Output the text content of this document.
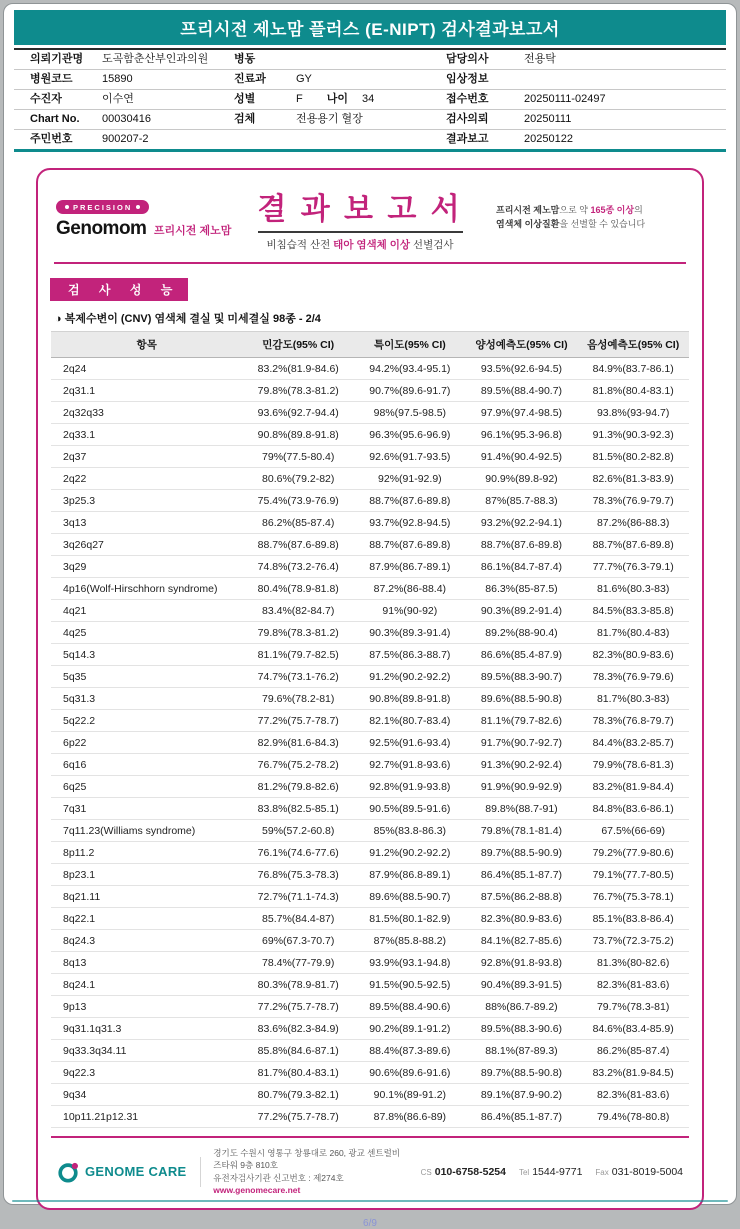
프리시전 제노맘 플러스 (E-NIPT) 검사결과보고서
의뢰기관명	도곡함춘산부인과의원	병동	담당의사	전용탁
병원코드	15890	진료과	GY	임상정보
수진자	이수연	성별	F 나이 34	접수번호	20250111-02497
Chart No.	00030416	검체	전용용기 혈장	검사의뢰	20250111
주민번호	900207-2	결과보고	20250122
PRECISION
Genomom 프리시전 제노맘
결 과 보 고 서
비침습적 산전 태아 염색체 이상 선별검사
프리시전 제노맘으로 약 165종 이상의
염색체 이상질환을 선별할 수 있습니다
검 사 성 능
◑ 복제수변이 (CNV) 염색체 결실 및 미세결실 98종 - 2/4
항목	민감도(95% CI)	특이도(95% CI)	양성예측도(95% CI)	음성예측도(95% CI)
2q24	83.2%(81.9-84.6)	94.2%(93.4-95.1)	93.5%(92.6-94.5)	84.9%(83.7-86.1)
2q31.1	79.8%(78.3-81.2)	90.7%(89.6-91.7)	89.5%(88.4-90.7)	81.8%(80.4-83.1)
2q32q33	93.6%(92.7-94.4)	98%(97.5-98.5)	97.9%(97.4-98.5)	93.8%(93-94.7)
2q33.1	90.8%(89.8-91.8)	96.3%(95.6-96.9)	96.1%(95.3-96.8)	91.3%(90.3-92.3)
2q37	79%(77.5-80.4)	92.6%(91.7-93.5)	91.4%(90.4-92.5)	81.5%(80.2-82.8)
2q22	80.6%(79.2-82)	92%(91-92.9)	90.9%(89.8-92)	82.6%(81.3-83.9)
3p25.3	75.4%(73.9-76.9)	88.7%(87.6-89.8)	87%(85.7-88.3)	78.3%(76.9-79.7)
3q13	86.2%(85-87.4)	93.7%(92.8-94.5)	93.2%(92.2-94.1)	87.2%(86-88.3)
3q26q27	88.7%(87.6-89.8)	88.7%(87.6-89.8)	88.7%(87.6-89.8)	88.7%(87.6-89.8)
3q29	74.8%(73.2-76.4)	87.9%(86.7-89.1)	86.1%(84.7-87.4)	77.7%(76.3-79.1)
4p16(Wolf-Hirschhorn syndrome)	80.4%(78.9-81.8)	87.2%(86-88.4)	86.3%(85-87.5)	81.6%(80.3-83)
4q21	83.4%(82-84.7)	91%(90-92)	90.3%(89.2-91.4)	84.5%(83.3-85.8)
4q25	79.8%(78.3-81.2)	90.3%(89.3-91.4)	89.2%(88-90.4)	81.7%(80.4-83)
5q14.3	81.1%(79.7-82.5)	87.5%(86.3-88.7)	86.6%(85.4-87.9)	82.3%(80.9-83.6)
5q35	74.7%(73.1-76.2)	91.2%(90.2-92.2)	89.5%(88.3-90.7)	78.3%(76.9-79.6)
5q31.3	79.6%(78.2-81)	90.8%(89.8-91.8)	89.6%(88.5-90.8)	81.7%(80.3-83)
5q22.2	77.2%(75.7-78.7)	82.1%(80.7-83.4)	81.1%(79.7-82.6)	78.3%(76.8-79.7)
6p22	82.9%(81.6-84.3)	92.5%(91.6-93.4)	91.7%(90.7-92.7)	84.4%(83.2-85.7)
6q16	76.7%(75.2-78.2)	92.7%(91.8-93.6)	91.3%(90.2-92.4)	79.9%(78.6-81.3)
6q25	81.2%(79.8-82.6)	92.8%(91.9-93.8)	91.9%(90.9-92.9)	83.2%(81.9-84.4)
7q31	83.8%(82.5-85.1)	90.5%(89.5-91.6)	89.8%(88.7-91)	84.8%(83.6-86.1)
7q11.23(Williams syndrome)	59%(57.2-60.8)	85%(83.8-86.3)	79.8%(78.1-81.4)	67.5%(66-69)
8p11.2	76.1%(74.6-77.6)	91.2%(90.2-92.2)	89.7%(88.5-90.9)	79.2%(77.9-80.6)
8p23.1	76.8%(75.3-78.3)	87.9%(86.8-89.1)	86.4%(85.1-87.7)	79.1%(77.7-80.5)
8q21.11	72.7%(71.1-74.3)	89.6%(88.5-90.7)	87.5%(86.2-88.8)	76.7%(75.3-78.1)
8q22.1	85.7%(84.4-87)	81.5%(80.1-82.9)	82.3%(80.9-83.6)	85.1%(83.8-86.4)
8q24.3	69%(67.3-70.7)	87%(85.8-88.2)	84.1%(82.7-85.6)	73.7%(72.3-75.2)
8q13	78.4%(77-79.9)	93.9%(93.1-94.8)	92.8%(91.8-93.8)	81.3%(80-82.6)
8q24.1	80.3%(78.9-81.7)	91.5%(90.5-92.5)	90.4%(89.3-91.5)	82.3%(81-83.6)
9p13	77.2%(75.7-78.7)	89.5%(88.4-90.6)	88%(86.7-89.2)	79.7%(78.3-81)
9q31.1q31.3	83.6%(82.3-84.9)	90.2%(89.1-91.2)	89.5%(88.3-90.6)	84.6%(83.4-85.9)
9q33.3q34.11	85.8%(84.6-87.1)	88.4%(87.3-89.6)	88.1%(87-89.3)	86.2%(85-87.4)
9q22.3	81.7%(80.4-83.1)	90.6%(89.6-91.6)	89.7%(88.5-90.8)	83.2%(81.9-84.5)
9q34	80.7%(79.3-82.1)	90.1%(89-91.2)	89.1%(87.9-90.2)	82.3%(81-83.6)
10p11.21p12.31	77.2%(75.7-78.7)	87.8%(86.6-89)	86.4%(85.1-87.7)	79.4%(78-80.8)
GENOME CARE
경기도 수원시 영통구 창룡대로 260, 광교 센트럴비즈타워 9층 810호
유전자검사기관 신고번호 : 제274호
www.genomecare.net
CS 010-6758-5254 Tel 1544-9771 Fax 031-8019-5004
6/9
